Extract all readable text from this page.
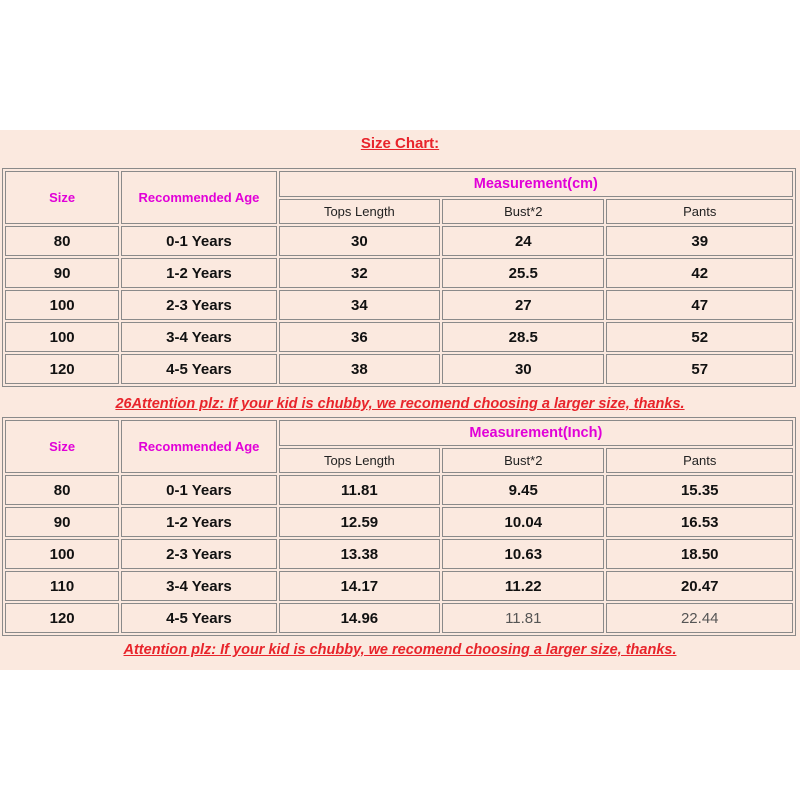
Size Chart:
Size	Recommended Age	Measurement(cm)		
		Tops Length	Bust*2	Pants
80	0-1 Years	30	24	39
90	1-2 Years	32	25.5	42
100	2-3 Years	34	27	47
100	3-4 Years	36	28.5	52
120	4-5 Years	38	30	57
26Attention plz: If your kid is chubby, we recomend choosing a larger size, thanks.
Size	Recommended Age	Measurement(Inch)		
		Tops Length	Bust*2	Pants
80	0-1 Years	11.81	9.45	15.35
90	1-2 Years	12.59	10.04	16.53
100	2-3 Years	13.38	10.63	18.50
110	3-4 Years	14.17	11.22	20.47
120	4-5 Years	14.96	11.81	22.44
Attention plz: If your kid is chubby, we recomend choosing a larger size, thanks.
